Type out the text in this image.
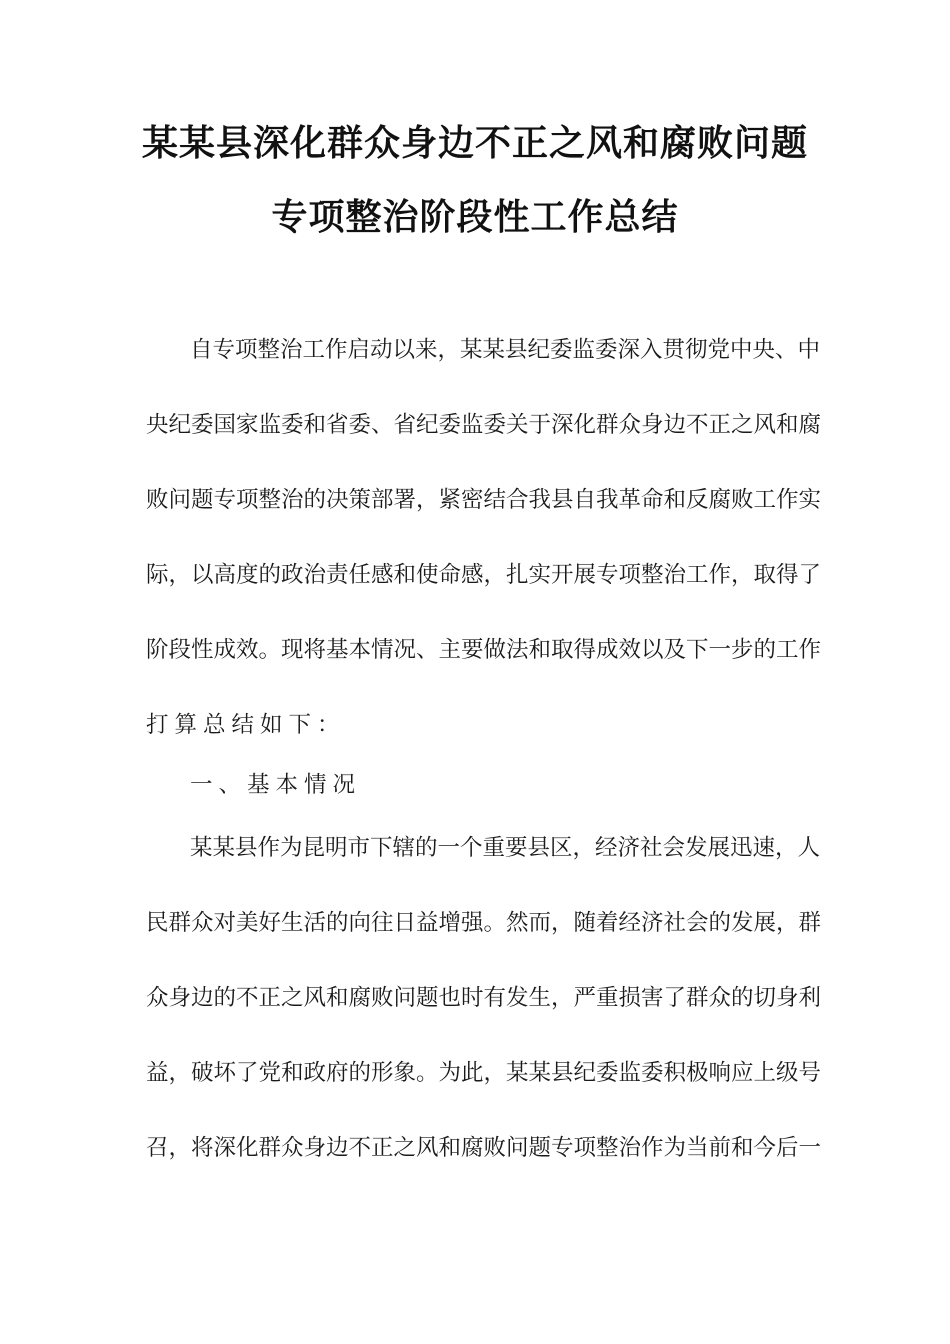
某某县深化群众身边不正之风和腐败问题
专项整治阶段性工作总结
自专项整治工作启动以来，某某县纪委监委深入贯彻党中央、中
央纪委国家监委和省委、省纪委监委关于深化群众身边不正之风和腐
败问题专项整治的决策部署，紧密结合我县自我革命和反腐败工作实
际，以高度的政治责任感和使命感，扎实开展专项整治工作，取得了
阶段性成效。现将基本情况、主要做法和取得成效以及下一步的工作
打算总结如下：
一、基本情况
某某县作为昆明市下辖的一个重要县区，经济社会发展迅速，人
民群众对美好生活的向往日益增强。然而，随着经济社会的发展，群
众身边的不正之风和腐败问题也时有发生，严重损害了群众的切身利
益，破坏了党和政府的形象。为此，某某县纪委监委积极响应上级号
召，将深化群众身边不正之风和腐败问题专项整治作为当前和今后一
